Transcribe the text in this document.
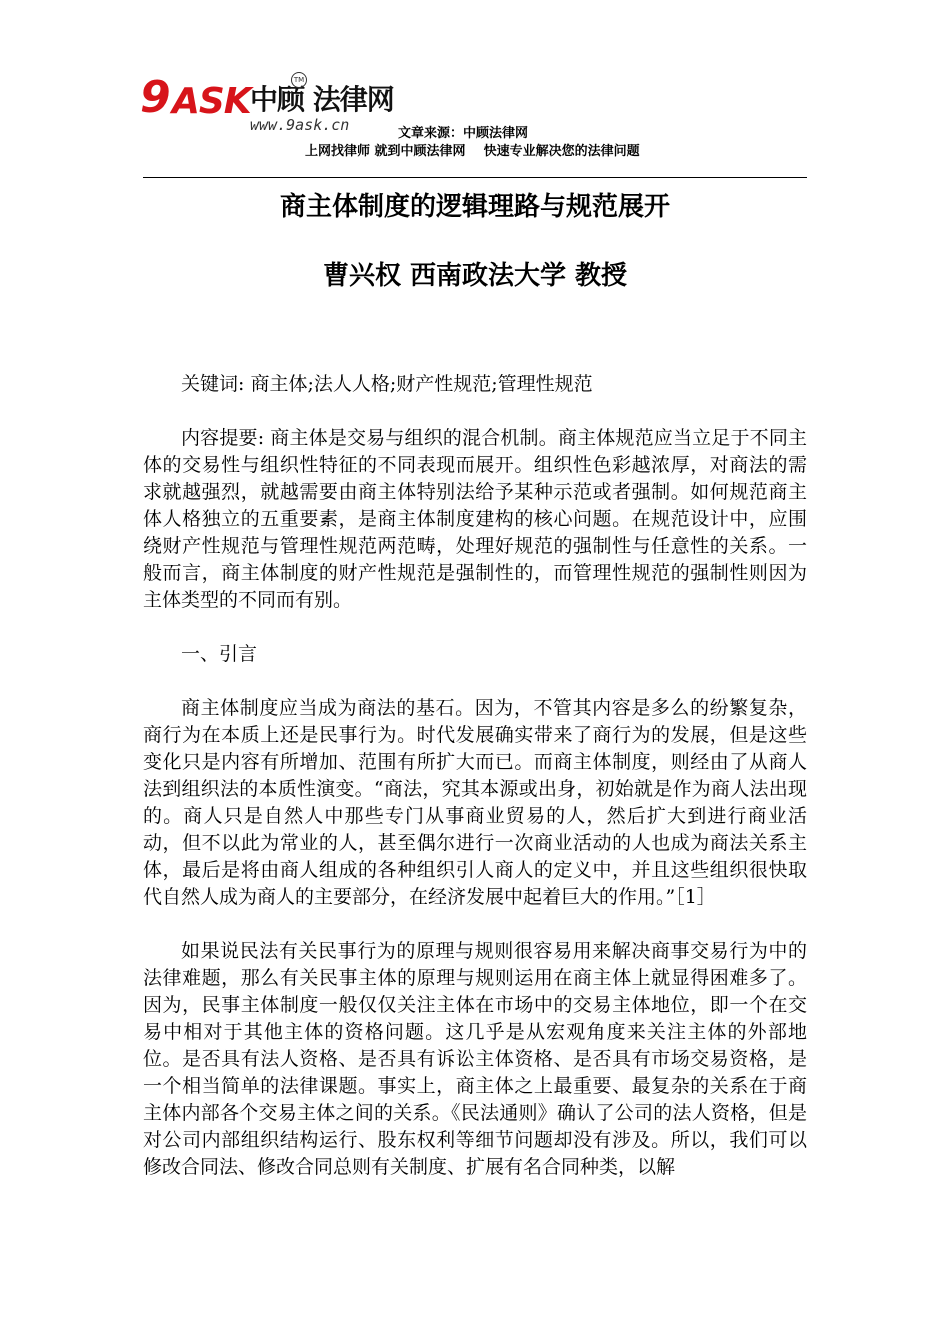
9 ASK 中顾 法律网
TM
www.9ask.cn	文章来源：中顾法律网
上网找律师 就到中顾法律网    快速专业解决您的法律问题
商主体制度的逻辑理路与规范展开
曹兴权 西南政法大学 教授

关键词: 商主体;法人人格;财产性规范;管理性规范

内容提要: 商主体是交易与组织的混合机制。商主体规范应当立足于不同主体的交易性与组织性特征的不同表现而展开。组织性色彩越浓厚，对商法的需求就越强烈，就越需要由商主体特别法给予某种示范或者强制。如何规范商主体人格独立的五重要素，是商主体制度建构的核心问题。在规范设计中，应围绕财产性规范与管理性规范两范畴，处理好规范的强制性与任意性的关系。一般而言，商主体制度的财产性规范是强制性的，而管理性规范的强制性则因为主体类型的不同而有别。

一、引言

商主体制度应当成为商法的基石。因为，不管其内容是多么的纷繁复杂，商行为在本质上还是民事行为。时代发展确实带来了商行为的发展，但是这些变化只是内容有所增加、范围有所扩大而已。而商主体制度，则经由了从商人法到组织法的本质性演变。“商法，究其本源或出身，初始就是作为商人法出现的。商人只是自然人中那些专门从事商业贸易的人，然后扩大到进行商业活动，但不以此为常业的人，甚至偶尔进行一次商业活动的人也成为商法关系主体，最后是将由商人组成的各种组织引人商人的定义中，并且这些组织很快取代自然人成为商人的主要部分，在经济发展中起着巨大的作用。”［1］

如果说民法有关民事行为的原理与规则很容易用来解决商事交易行为中的法律难题，那么有关民事主体的原理与规则运用在商主体上就显得困难多了。因为，民事主体制度一般仅仅关注主体在市场中的交易主体地位，即一个在交易中相对于其他主体的资格问题。这几乎是从宏观角度来关注主体的外部地位。是否具有法人资格、是否具有诉讼主体资格、是否具有市场交易资格，是一个相当简单的法律课题。事实上，商主体之上最重要、最复杂的关系在于商主体内部各个交易主体之间的关系。《民法通则》确认了公司的法人资格，但是对公司内部组织结构运行、股东权利等细节问题却没有涉及。所以，我们可以修改合同法、修改合同总则有关制度、扩展有名合同种类，以解
